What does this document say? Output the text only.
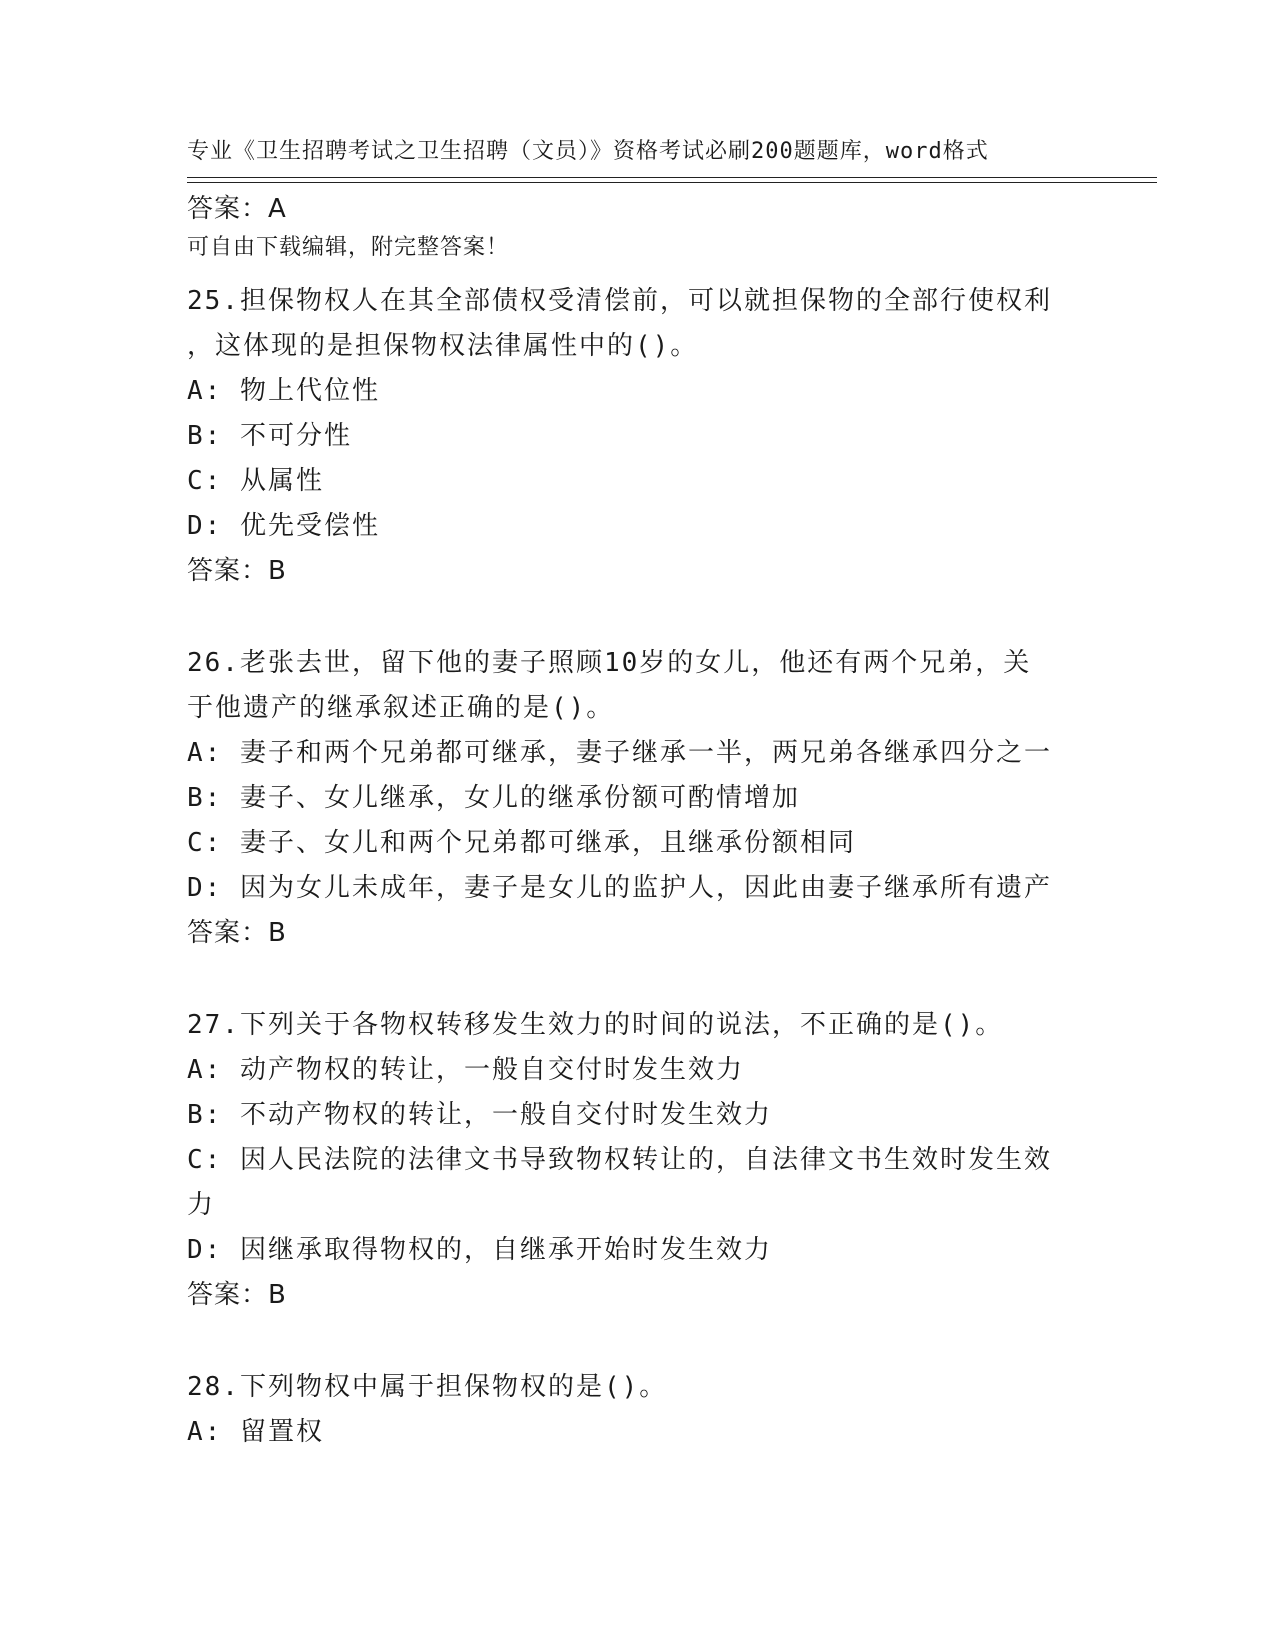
专业《卫生招聘考试之卫生招聘（文员）》资格考试必刷200题题库，word格式

可自由下载编辑，附完整答案！

答案：A
25.担保物权人在其全部债权受清偿前，可以就担保物的全部行使权利
，这体现的是担保物权法律属性中的()。
A: 物上代位性
B: 不可分性
C: 从属性
D: 优先受偿性
答案：B
26.老张去世，留下他的妻子照顾10岁的女儿，他还有两个兄弟，关
于他遗产的继承叙述正确的是()。
A: 妻子和两个兄弟都可继承，妻子继承一半，两兄弟各继承四分之一
B: 妻子、女儿继承，女儿的继承份额可酌情增加
C: 妻子、女儿和两个兄弟都可继承，且继承份额相同
D: 因为女儿未成年，妻子是女儿的监护人，因此由妻子继承所有遗产
答案：B
27.下列关于各物权转移发生效力的时间的说法，不正确的是()。
A: 动产物权的转让，一般自交付时发生效力
B: 不动产物权的转让，一般自交付时发生效力
C: 因人民法院的法律文书导致物权转让的，自法律文书生效时发生效
力
D: 因继承取得物权的，自继承开始时发生效力
答案：B
28.下列物权中属于担保物权的是()。
A: 留置权
